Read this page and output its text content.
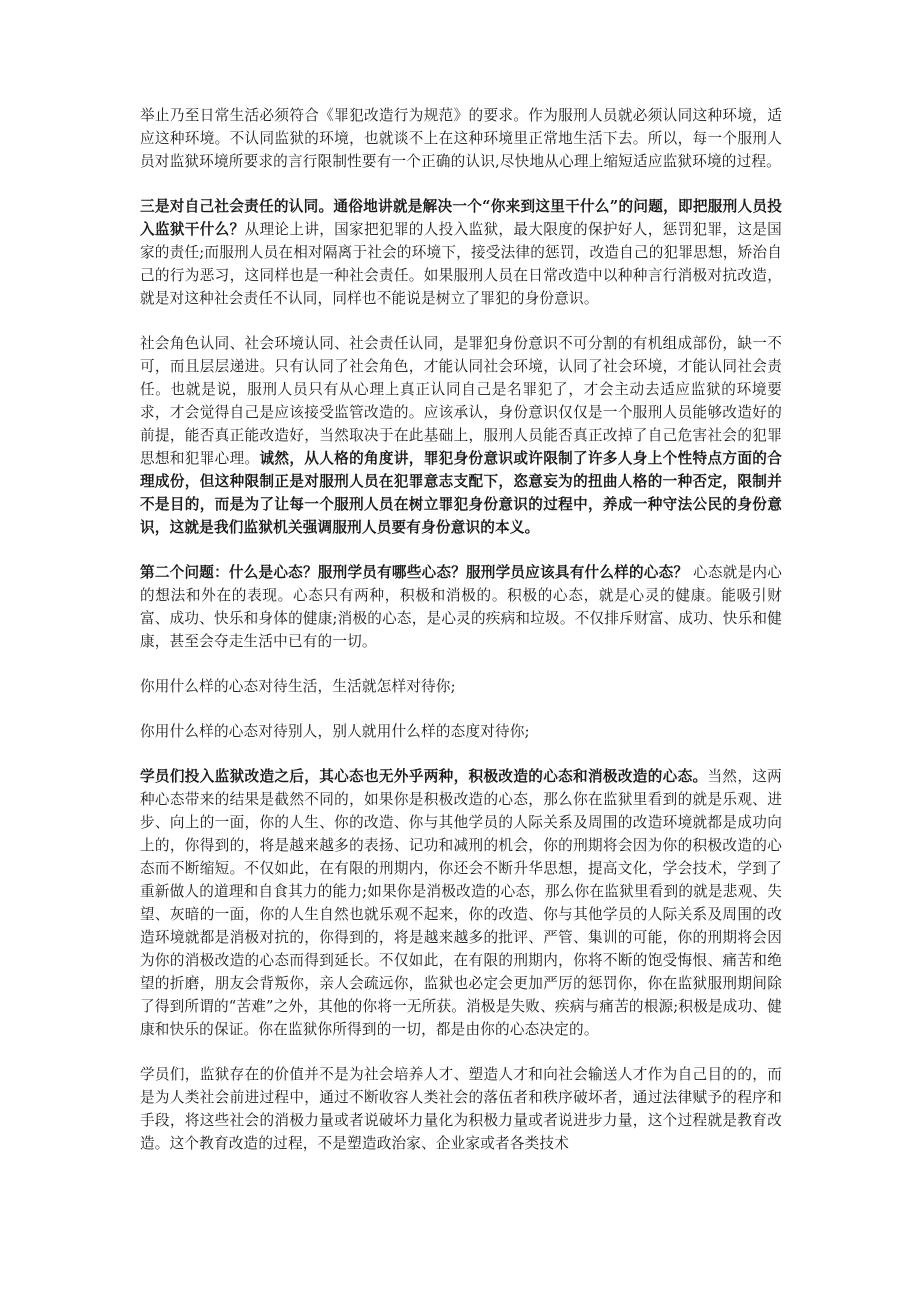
举止乃至日常生活必须符合《罪犯改造行为规范》的要求。作为服刑人员就必须认同这种环境，适应这种环境。不认同监狱的环境，也就谈不上在这种环境里正常地生活下去。所以，每一个服刑人员对监狱环境所要求的言行限制性要有一个正确的认识,尽快地从心理上缩短适应监狱环境的过程。

三是对自己社会责任的认同。通俗地讲就是解决一个“你来到这里干什么”的问题，即把服刑人员投入监狱干什么？从理论上讲，国家把犯罪的人投入监狱，最大限度的保护好人，惩罚犯罪，这是国家的责任;而服刑人员在相对隔离于社会的环境下，接受法律的惩罚，改造自己的犯罪思想，矫治自己的行为恶习，这同样也是一种社会责任。如果服刑人员在日常改造中以种种言行消极对抗改造，就是对这种社会责任不认同，同样也不能说是树立了罪犯的身份意识。

社会角色认同、社会环境认同、社会责任认同，是罪犯身份意识不可分割的有机组成部份，缺一不可，而且层层递进。只有认同了社会角色，才能认同社会环境，认同了社会环境，才能认同社会责任。也就是说，服刑人员只有从心理上真正认同自己是名罪犯了，才会主动去适应监狱的环境要求，才会觉得自己是应该接受监管改造的。应该承认，身份意识仅仅是一个服刑人员能够改造好的前提，能否真正能改造好，当然取决于在此基础上，服刑人员能否真正改掉了自己危害社会的犯罪思想和犯罪心理。诚然，从人格的角度讲，罪犯身份意识或许限制了许多人身上个性特点方面的合理成份，但这种限制正是对服刑人员在犯罪意志支配下，恣意妄为的扭曲人格的一种否定，限制并不是目的，而是为了让每一个服刑人员在树立罪犯身份意识的过程中，养成一种守法公民的身份意识，这就是我们监狱机关强调服刑人员要有身份意识的本义。

第二个问题：什么是心态？服刑学员有哪些心态？服刑学员应该具有什么样的心态？ 心态就是内心的想法和外在的表现。心态只有两种，积极和消极的。积极的心态，就是心灵的健康。能吸引财富、成功、快乐和身体的健康;消极的心态，是心灵的疾病和垃圾。不仅排斥财富、成功、快乐和健康，甚至会夺走生活中已有的一切。

你用什么样的心态对待生活，生活就怎样对待你;

你用什么样的心态对待别人，别人就用什么样的态度对待你;

学员们投入监狱改造之后，其心态也无外乎两种，积极改造的心态和消极改造的心态。当然，这两种心态带来的结果是截然不同的，如果你是积极改造的心态，那么你在监狱里看到的就是乐观、进步、向上的一面，你的人生、你的改造、你与其他学员的人际关系及周围的改造环境就都是成功向上的，你得到的，将是越来越多的表扬、记功和减刑的机会，你的刑期将会因为你的积极改造的心态而不断缩短。不仅如此，在有限的刑期内，你还会不断升华思想，提高文化，学会技术，学到了重新做人的道理和自食其力的能力;如果你是消极改造的心态，那么你在监狱里看到的就是悲观、失望、灰暗的一面，你的人生自然也就乐观不起来，你的改造、你与其他学员的人际关系及周围的改造环境就都是消极对抗的，你得到的，将是越来越多的批评、严管、集训的可能，你的刑期将会因为你的消极改造的心态而得到延长。不仅如此，在有限的刑期内，你将不断的饱受悔恨、痛苦和绝望的折磨，朋友会背叛你，亲人会疏远你，监狱也必定会更加严厉的惩罚你，你在监狱服刑期间除了得到所谓的“苦难”之外，其他的你将一无所获。消极是失败、疾病与痛苦的根源;积极是成功、健康和快乐的保证。你在监狱你所得到的一切，都是由你的心态决定的。

学员们，监狱存在的价值并不是为社会培养人才、塑造人才和向社会输送人才作为自己目的的，而是为人类社会前进过程中，通过不断收容人类社会的落伍者和秩序破坏者，通过法律赋予的程序和手段，将这些社会的消极力量或者说破坏力量化为积极力量或者说进步力量，这个过程就是教育改造。这个教育改造的过程，不是塑造政治家、企业家或者各类技术
